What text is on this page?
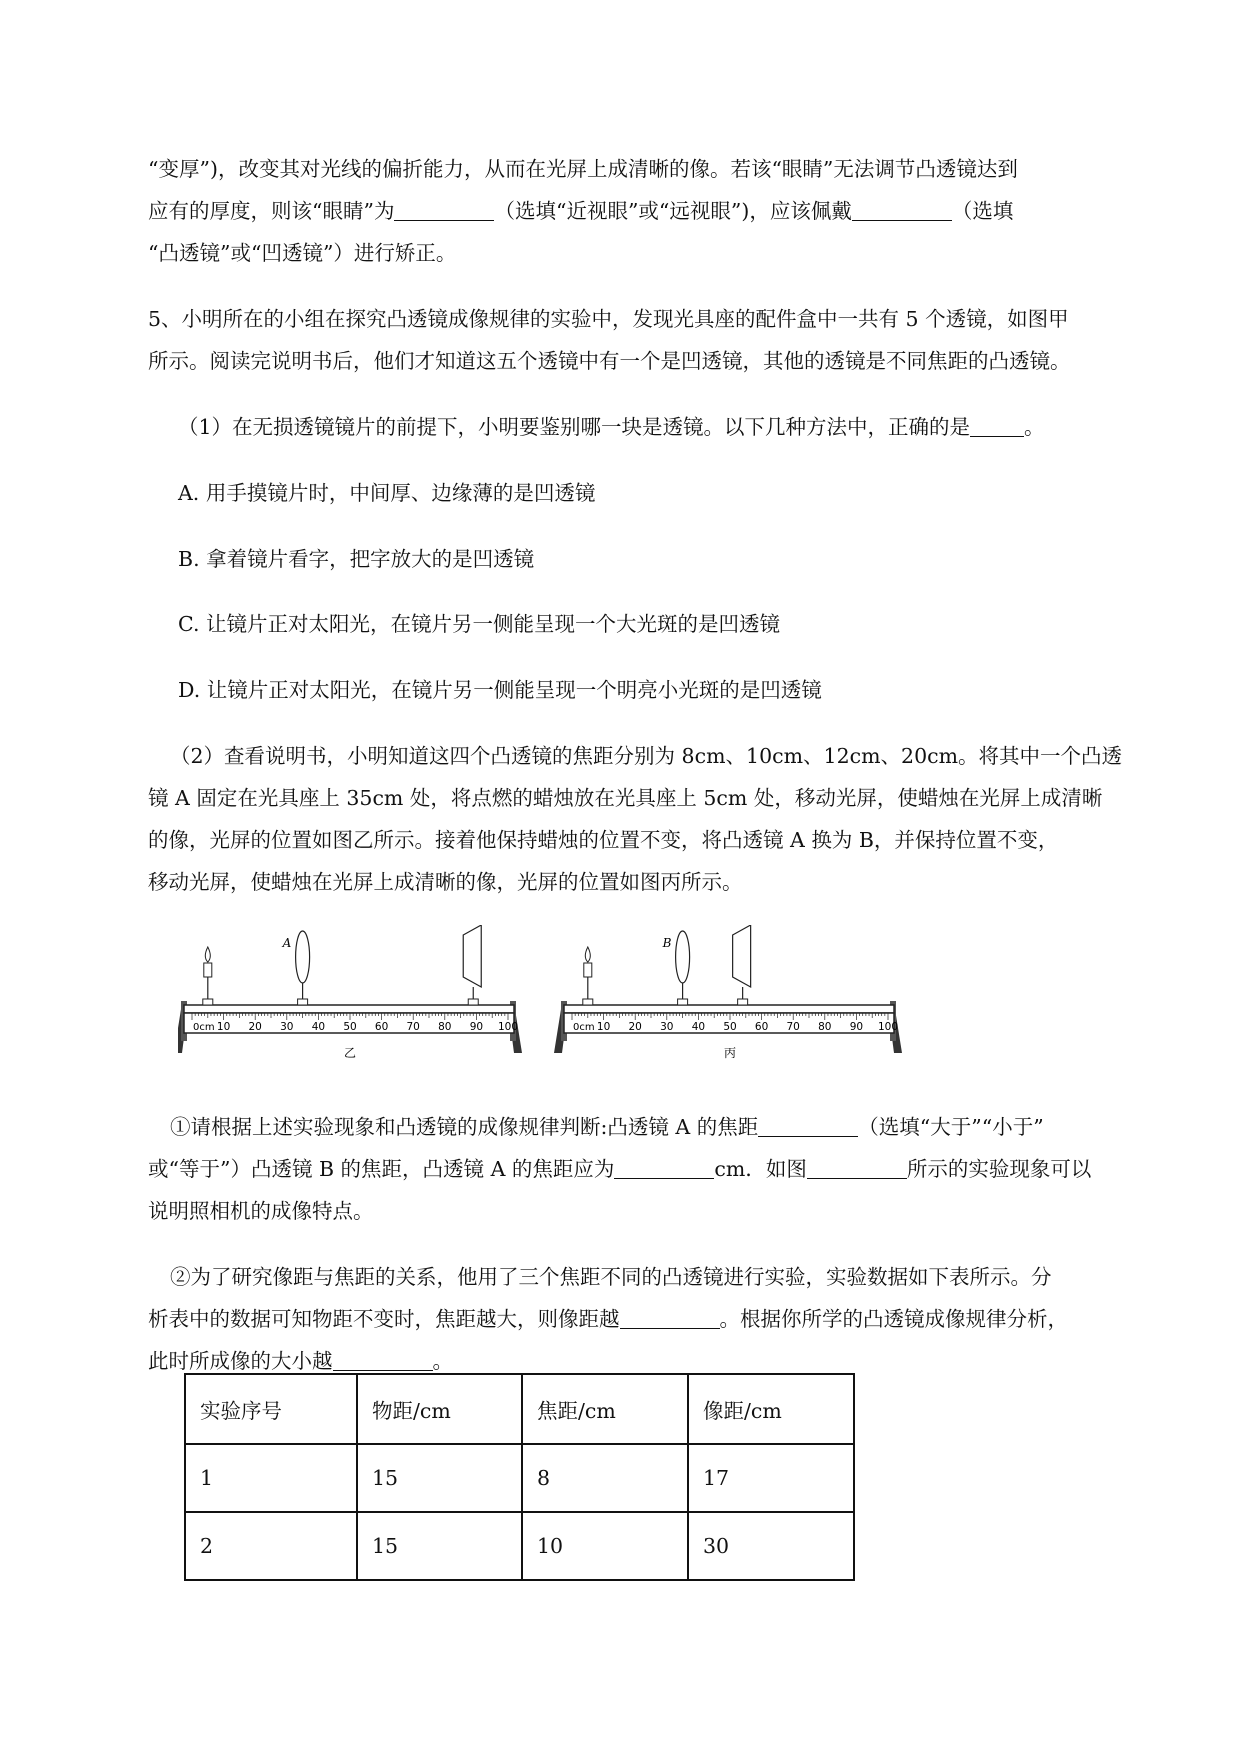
“变厚”)，改变其对光线的偏折能力，从而在光屏上成清晰的像。若该“眼睛”无法调节凸透镜达到

应有的厚度，则该“眼睛”为	（选填“近视眼”或“远视眼”)，应该佩戴	（选填

“凸透镜”或“凹透镜”）进行矫正。

5、小明所在的小组在探究凸透镜成像规律的实验中，发现光具座的配件盒中一共有 5 个透镜，如图甲

所示。阅读完说明书后，他们才知道这五个透镜中有一个是凹透镜，其他的透镜是不同焦距的凸透镜。

（1）在无损透镜镜片的前提下，小明要鉴别哪一块是透镜。以下几种方法中，正确的是	。

A. 用手摸镜片时，中间厚、边缘薄的是凹透镜

B. 拿着镜片看字，把字放大的是凹透镜

C. 让镜片正对太阳光，在镜片另一侧能呈现一个大光斑的是凹透镜

D. 让镜片正对太阳光，在镜片另一侧能呈现一个明亮小光斑的是凹透镜

（2）查看说明书，小明知道这四个凸透镜的焦距分别为 8cm、10cm、12cm、20cm。将其中一个凸透

镜 A 固定在光具座上 35cm 处，将点燃的蜡烛放在光具座上 5cm 处，移动光屏，使蜡烛在光屏上成清晰

的像，光屏的位置如图乙所示。接着他保持蜡烛的位置不变，将凸透镜 A 换为 B，并保持位置不变，

移动光屏，使蜡烛在光屏上成清晰的像，光屏的位置如图丙所示。

0cm 10 20 30 40 50 60 70 80 90 100
A
乙
0cm 10 20 30 40 50 60 70 80 90 100
B
丙

①请根据上述实验现象和凸透镜的成像规律判断:凸透镜 A 的焦距	（选填“大于”“小于”

或“等于”）凸透镜 B 的焦距，凸透镜 A 的焦距应为	cm．如图	所示的实验现象可以

说明照相机的成像特点。

②为了研究像距与焦距的关系，他用了三个焦距不同的凸透镜进行实验，实验数据如下表所示。分

析表中的数据可知物距不变时，焦距越大，则像距越	。根据你所学的凸透镜成像规律分析，

此时所成像的大小越	。

实验序号	物距/cm	焦距/cm	像距/cm
1	15	8	17
2	15	10	30
